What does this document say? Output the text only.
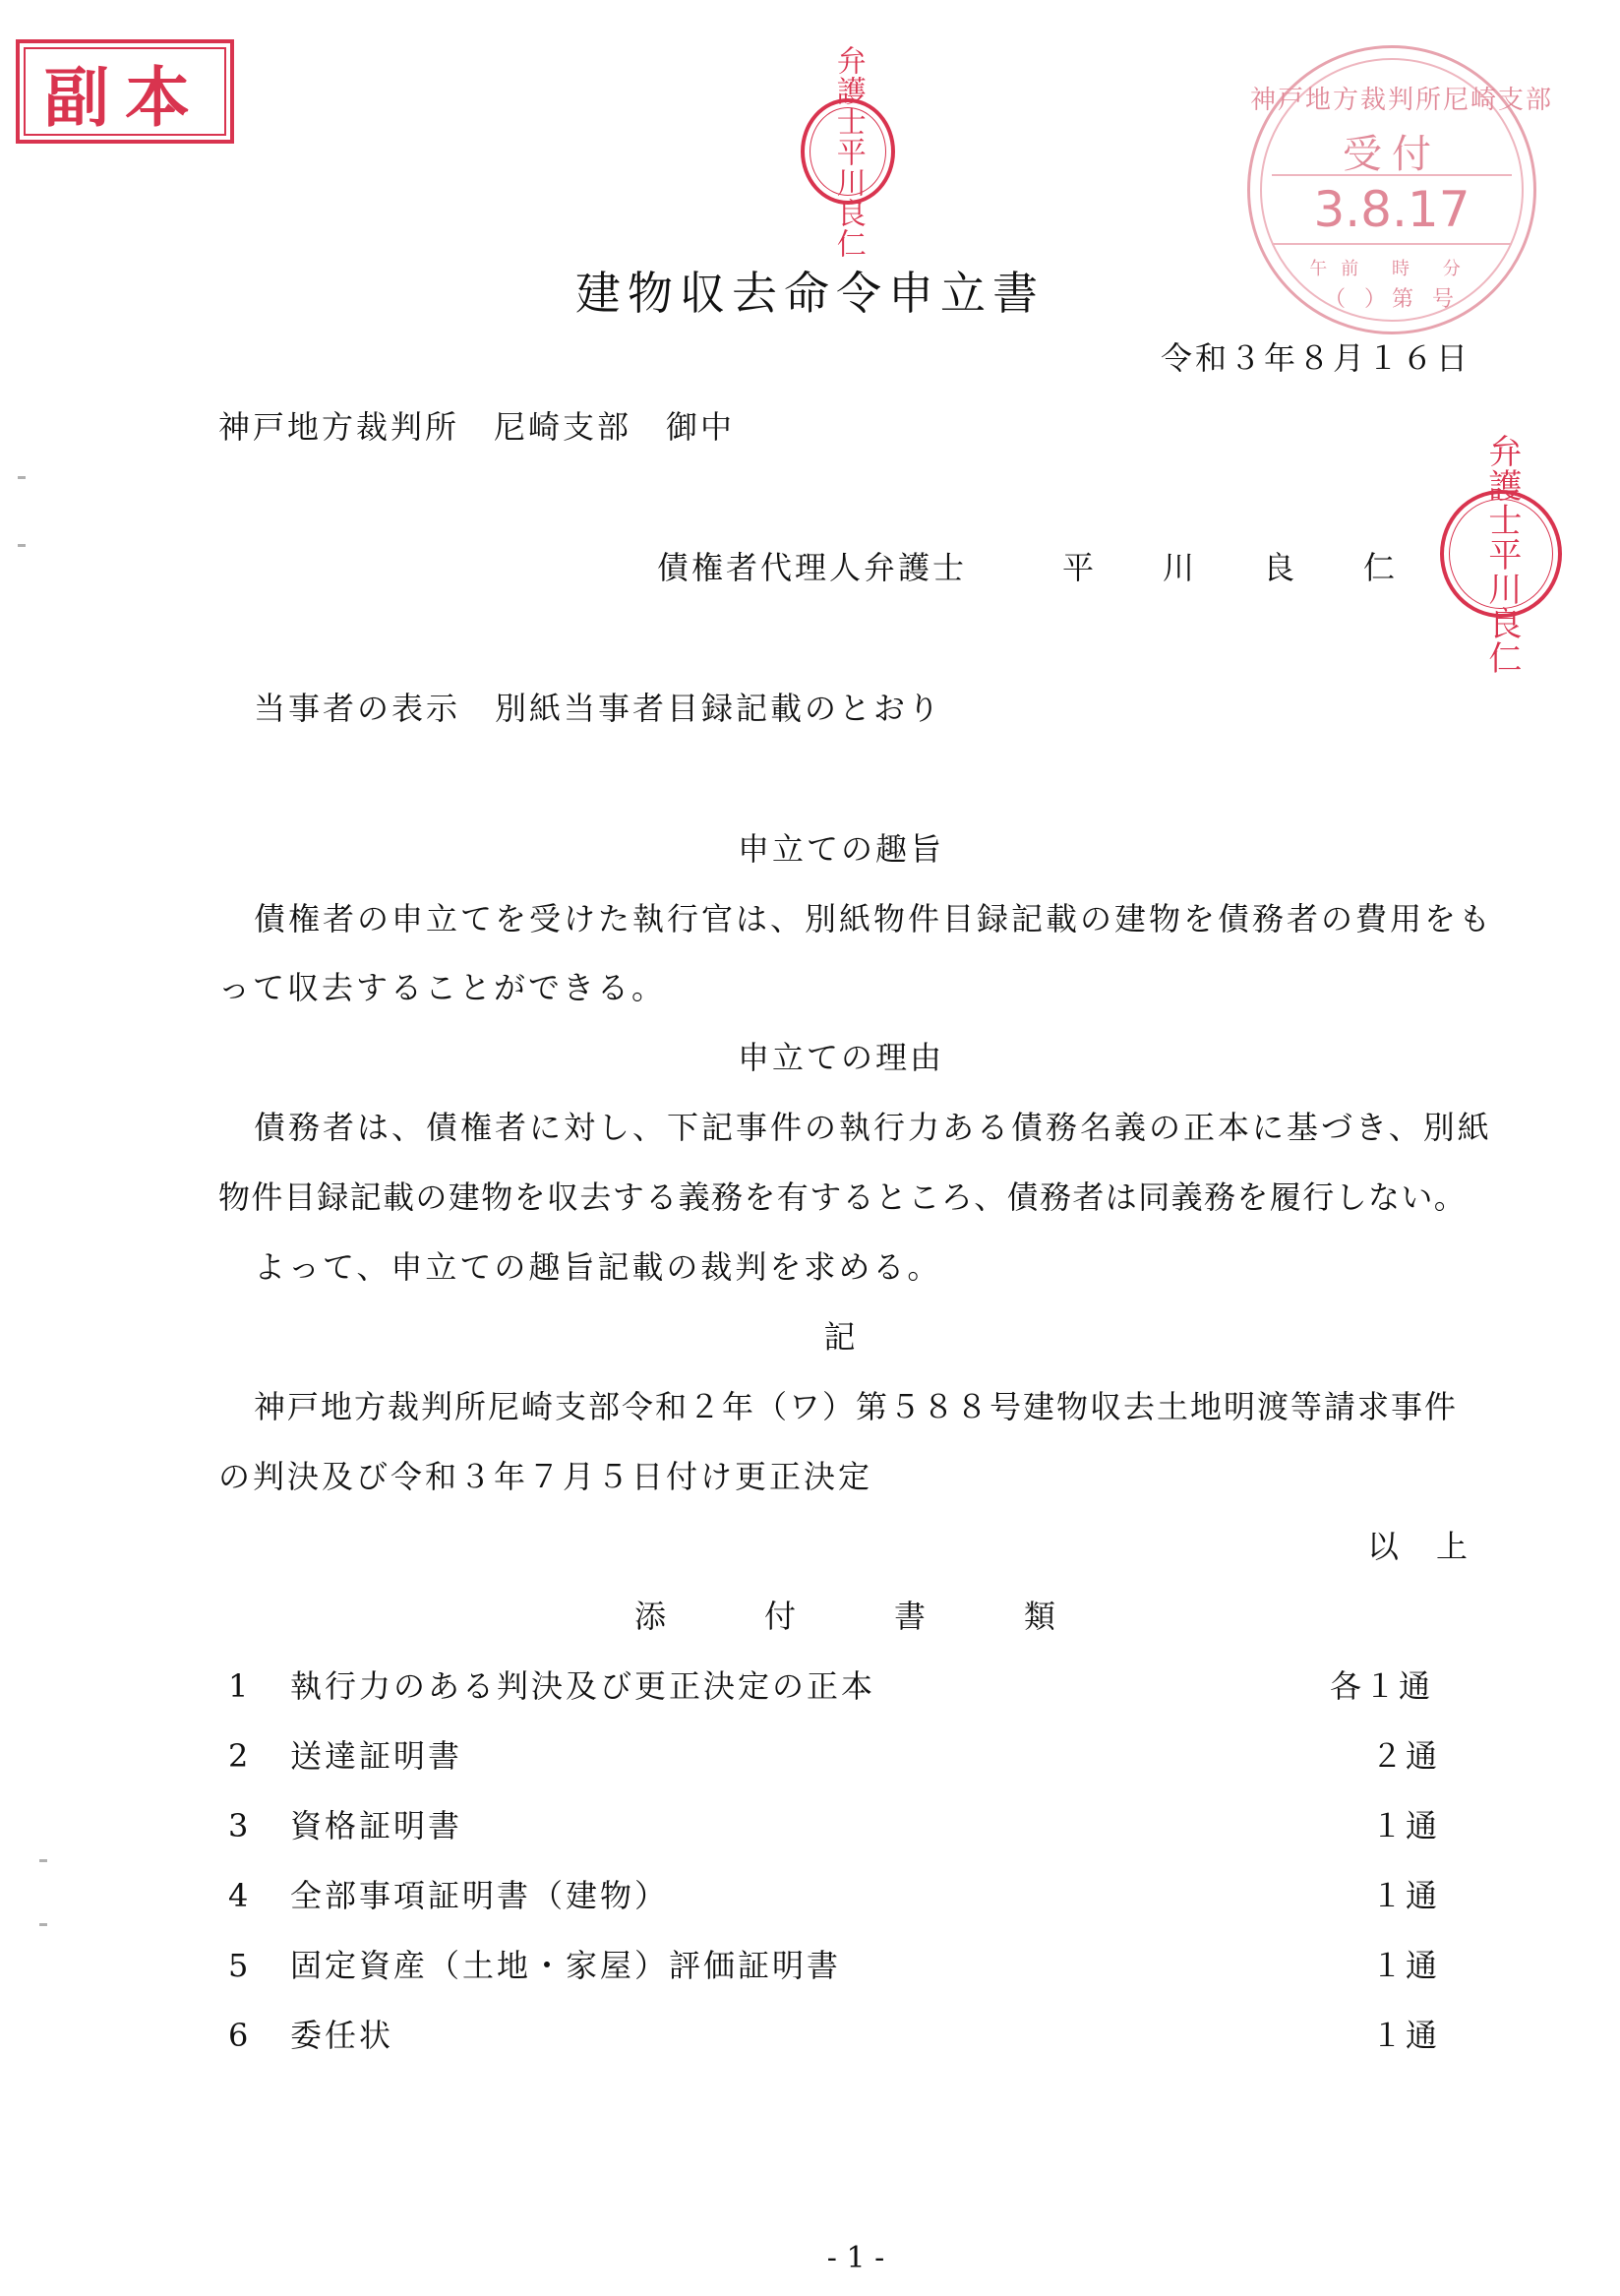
副本	弁護士平川良仁	神戸地方裁判所尼崎支部
受付
3.8.17
午前 時 分
（ ）第 号
建物収去命令申立書
令和３年８月１６日
神戸地方裁判所　尼崎支部　御中
債権者代理人弁護士	平 川 良 仁	弁護士平川良仁
当事者の表示　別紙当事者目録記載のとおり
申立ての趣旨
債権者の申立てを受けた執行官は、別紙物件目録記載の建物を債務者の費用をも
って収去することができる。
申立ての理由
債務者は、債権者に対し、下記事件の執行力ある債務名義の正本に基づき、別紙
物件目録記載の建物を収去する義務を有するところ、債務者は同義務を履行しない。
よって、申立ての趣旨記載の裁判を求める。
記
神戸地方裁判所尼崎支部令和２年（ワ）第５８８号建物収去土地明渡等請求事件
の判決及び令和３年７月５日付け更正決定
以　上
添	付	書	類
1 執行力のある判決及び更正決定の正本	各１通
2 送達証明書	２通
3 資格証明書	１通
4 全部事項証明書（建物）	１通
5 固定資産（土地・家屋）評価証明書	１通
6 委任状	１通
- 1 -
